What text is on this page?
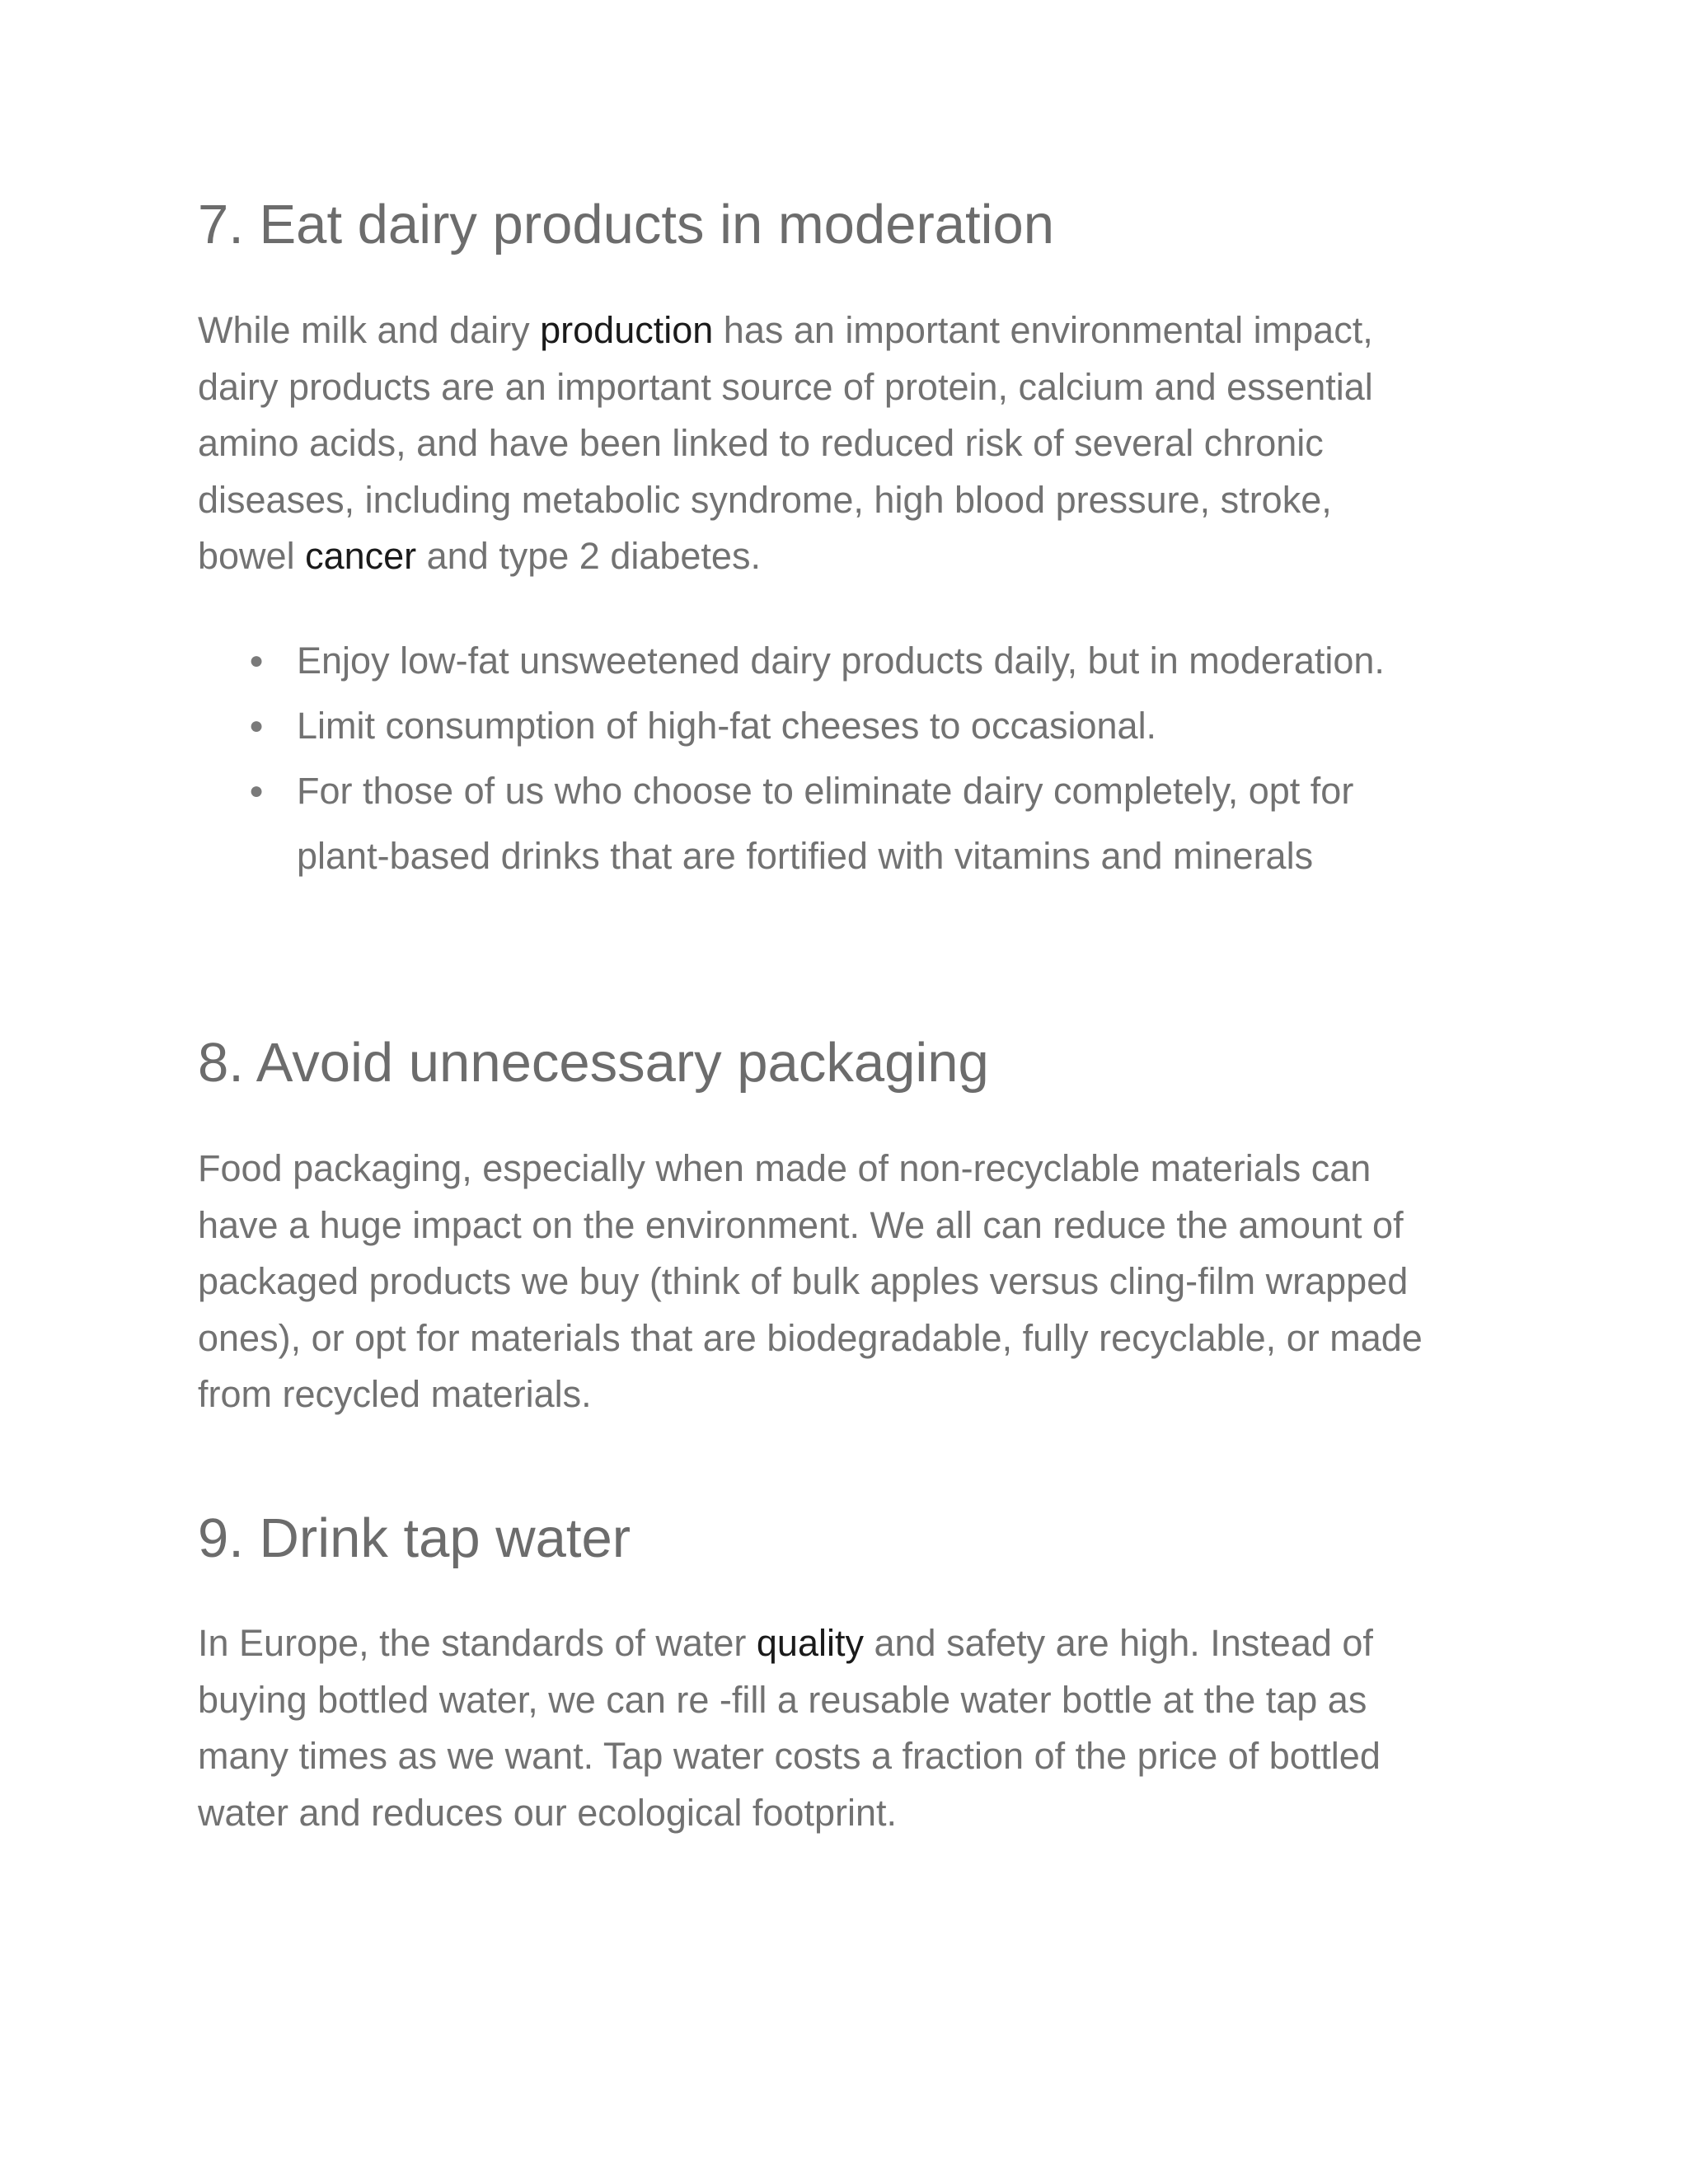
7. Eat dairy products in moderation

While milk and dairy production has an important environmental impact,
dairy products are an important source of protein, calcium and essential
amino acids, and have been linked to reduced risk of several chronic
diseases, including metabolic syndrome, high blood pressure, stroke,
bowel cancer and type 2 diabetes.

● Enjoy low-fat unsweetened dairy products daily, but in moderation.
● Limit consumption of high-fat cheeses to occasional.
● For those of us who choose to eliminate dairy completely, opt for
plant-based drinks that are fortified with vitamins and minerals
8. Avoid unnecessary packaging

Food packaging, especially when made of non-recyclable materials can
have a huge impact on the environment. We all can reduce the amount of
packaged products we buy (think of bulk apples versus cling-film wrapped
ones), or opt for materials that are biodegradable, fully recyclable, or made
from recycled materials.

9. Drink tap water

In Europe, the standards of water quality and safety are high. Instead of
buying bottled water, we can re -fill a reusable water bottle at the tap as
many times as we want. Tap water costs a fraction of the price of bottled
water and reduces our ecological footprint.
